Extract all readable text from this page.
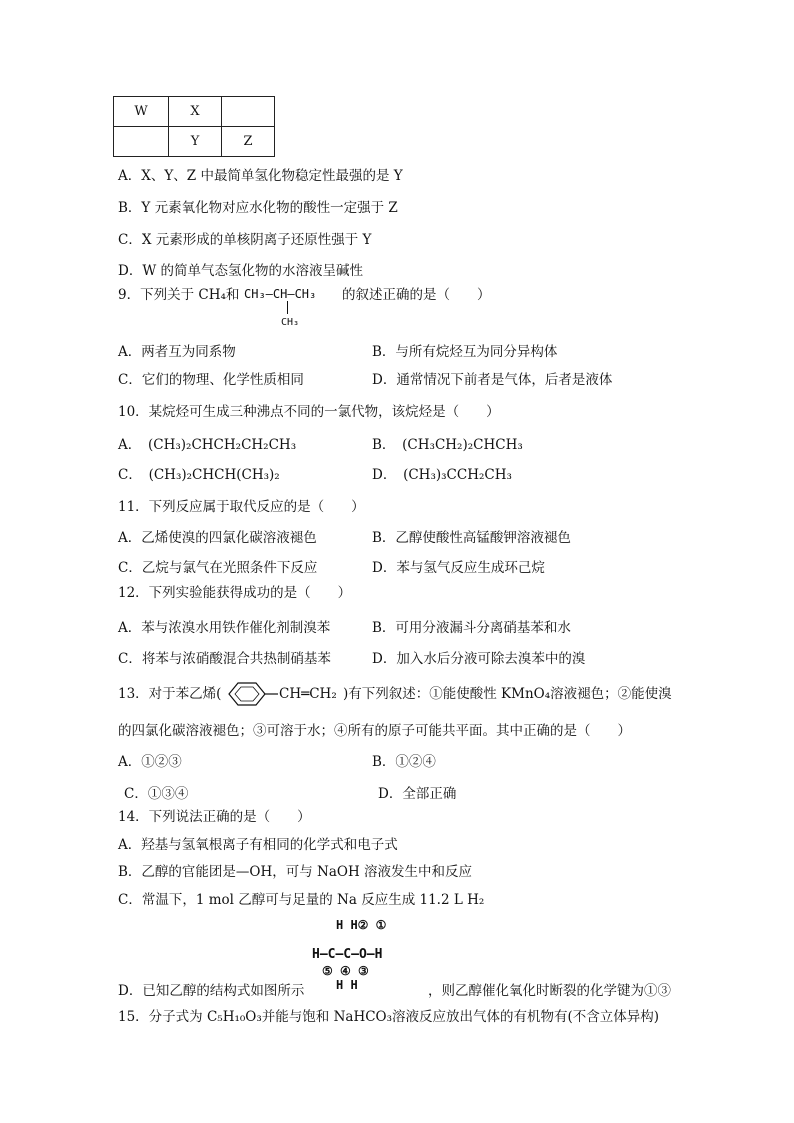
W	X	
	Y	Z
A．X、Y、Z 中最简单氢化物稳定性最强的是 Y
B．Y 元素氧化物对应水化物的酸性一定强于 Z
C．X 元素形成的单核阴离子还原性强于 Y
D．W 的简单气态氢化物的水溶液呈碱性
9．下列关于 CH₄和 CH₃—CH—CH₃
CH₃
的叙述正确的是（　　）
A．两者互为同系物	B．与所有烷烃互为同分异构体
C．它们的物理、化学性质相同	D．通常情况下前者是气体，后者是液体
10．某烷烃可生成三种沸点不同的一氯代物，该烷烃是（　　）
A．　(CH₃)₂CHCH₂CH₂CH₃	B．　(CH₃CH₂)₂CHCH₃
C．　(CH₃)₂CHCH(CH₃)₂	D．　(CH₃)₃CCH₂CH₃
11．下列反应属于取代反应的是（　　）
A．乙烯使溴的四氯化碳溶液褪色	B．乙醇使酸性高锰酸钾溶液褪色
C．乙烷与氯气在光照条件下反应	D．苯与氢气反应生成环己烷
12．下列实验能获得成功的是（　　）
A．苯与浓溴水用铁作催化剂制溴苯	B．可用分液漏斗分离硝基苯和水
C．将苯与浓硝酸混合共热制硝基苯	D．加入水后分液可除去溴苯中的溴
13．对于苯乙烯(	CH═CH₂ )有下列叙述：①能使酸性 KMnO₄溶液褪色；②能使溴
的四氯化碳溶液褪色；③可溶于水；④所有的原子可能共平面。其中正确的是（　　）
A．①②③	B．①②④
C．①③④	D．全部正确
14．下列说法正确的是（　　）
A．羟基与氢氧根离子有相同的化学式和电子式
B．乙醇的官能团是—OH，可与 NaOH 溶液发生中和反应
C．常温下，1 mol 乙醇可与足量的 Na 反应生成 11.2 L H₂
H H② ①
H—C—C—O—H
⑤ ④ ③
H H
D．已知乙醇的结构式如图所示	，则乙醇催化氧化时断裂的化学键为①③
15．分子式为 C₅H₁₀O₃并能与饱和 NaHCO₃溶液反应放出气体的有机物有(不含立体异构)
